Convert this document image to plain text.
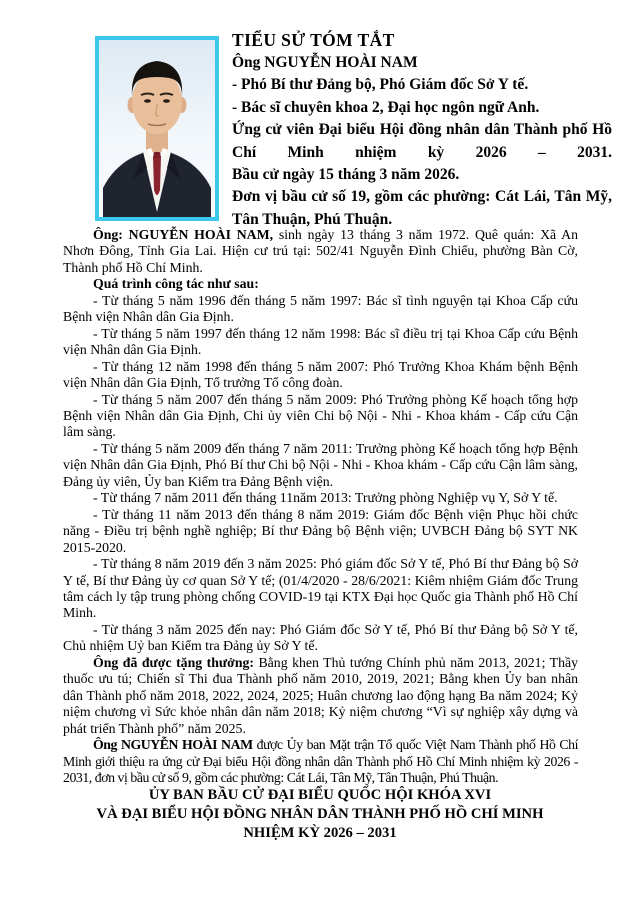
TIỂU SỬ TÓM TẮT

Ông NGUYỄN HOÀI NAM

- Phó Bí thư Đảng bộ, Phó Giám đốc Sở Y tế.

- Bác sĩ chuyên khoa 2, Đại học ngôn ngữ Anh.

Ứng cử viên Đại biểu Hội đồng nhân dân Thành phố Hồ Chí Minh nhiệm kỳ 2026 – 2031.

Bầu cử ngày 15 tháng 3 năm 2026.

Đơn vị bầu cử số 19, gồm các phường: Cát Lái, Tân Mỹ, Tân Thuận, Phú Thuận.

Ông: NGUYỄN HOÀI NAM, sinh ngày 13 tháng 3 năm 1972. Quê quán: Xã An Nhơn Đông, Tỉnh Gia Lai. Hiện cư trú tại: 502/41 Nguyễn Đình Chiểu, phường Bàn Cờ, Thành phố Hồ Chí Minh.

Quá trình công tác như sau:

- Từ tháng 5 năm 1996 đến tháng 5 năm 1997: Bác sĩ tình nguyện tại Khoa Cấp cứu Bệnh viện Nhân dân Gia Định.

- Từ tháng 5 năm 1997 đến tháng 12 năm 1998: Bác sĩ điều trị tại Khoa Cấp cứu Bệnh viện Nhân dân Gia Định.

- Từ tháng 12 năm 1998 đến tháng 5 năm 2007: Phó Trưởng Khoa Khám bệnh Bệnh viện Nhân dân Gia Định, Tổ trưởng Tổ công đoàn.

- Từ tháng 5 năm 2007 đến tháng 5 năm 2009: Phó Trưởng phòng Kế hoạch tổng hợp Bệnh viện Nhân dân Gia Định, Chi ủy viên Chi bộ Nội - Nhi - Khoa khám - Cấp cứu Cận lâm sàng.

- Từ tháng 5 năm 2009 đến tháng 7 năm 2011: Trưởng phòng Kế hoạch tổng hợp Bệnh viện Nhân dân Gia Định, Phó Bí thư Chi bộ Nội - Nhi - Khoa khám - Cấp cứu Cận lâm sàng, Đảng ủy viên, Ủy ban Kiểm tra Đảng Bệnh viện.

- Từ tháng 7 năm 2011 đến tháng 11năm 2013: Trưởng phòng Nghiệp vụ Y, Sở Y tế.

- Từ tháng 11 năm 2013 đến tháng 8 năm 2019: Giám đốc Bệnh viện Phục hồi chức năng - Điều trị bệnh nghề nghiệp; Bí thư Đảng bộ Bệnh viện; UVBCH Đảng bộ SYT NK 2015-2020.

- Từ tháng 8 năm 2019 đến 3 năm 2025: Phó giám đốc Sở Y tế, Phó Bí thư Đảng bộ Sở Y tế, Bí thư Đảng ủy cơ quan Sở Y tế; (01/4/2020 - 28/6/2021: Kiêm nhiệm Giám đốc Trung tâm cách ly tập trung phòng chống COVID-19 tại KTX Đại học Quốc gia Thành phố Hồ Chí Minh.

- Từ tháng 3 năm 2025 đến nay: Phó Giám đốc Sở Y tế, Phó Bí thư Đảng bộ Sở Y tế, Chủ nhiệm Uỷ ban Kiểm tra Đảng ủy Sở Y tế.

Ông đã được tặng thưởng: Bằng khen Thủ tướng Chính phủ năm 2013, 2021; Thầy thuốc ưu tú; Chiến sĩ Thi đua Thành phố năm 2010, 2019, 2021; Bằng khen Ủy ban nhân dân Thành phố năm 2018, 2022, 2024, 2025; Huân chương lao động hạng Ba năm 2024; Kỷ niệm chương vì Sức khỏe nhân dân năm 2018; Kỷ niệm chương “Vì sự nghiệp xây dựng và phát triển Thành phố” năm 2025.

Ông NGUYỄN HOÀI NAM được Ủy ban Mặt trận Tổ quốc Việt Nam Thành phố Hồ Chí Minh giới thiệu ra ứng cử Đại biểu Hội đồng nhân dân Thành phố Hồ Chí Minh nhiệm kỳ 2026 - 2031, đơn vị bầu cử số 9, gồm các phường: Cát Lái, Tân Mỹ, Tân Thuận, Phú Thuận.

ỦY BAN BẦU CỬ ĐẠI BIỂU QUỐC HỘI KHÓA XVI

VÀ ĐẠI BIỂU HỘI ĐỒNG NHÂN DÂN THÀNH PHỐ HỒ CHÍ MINH

NHIỆM KỲ 2026 – 2031
